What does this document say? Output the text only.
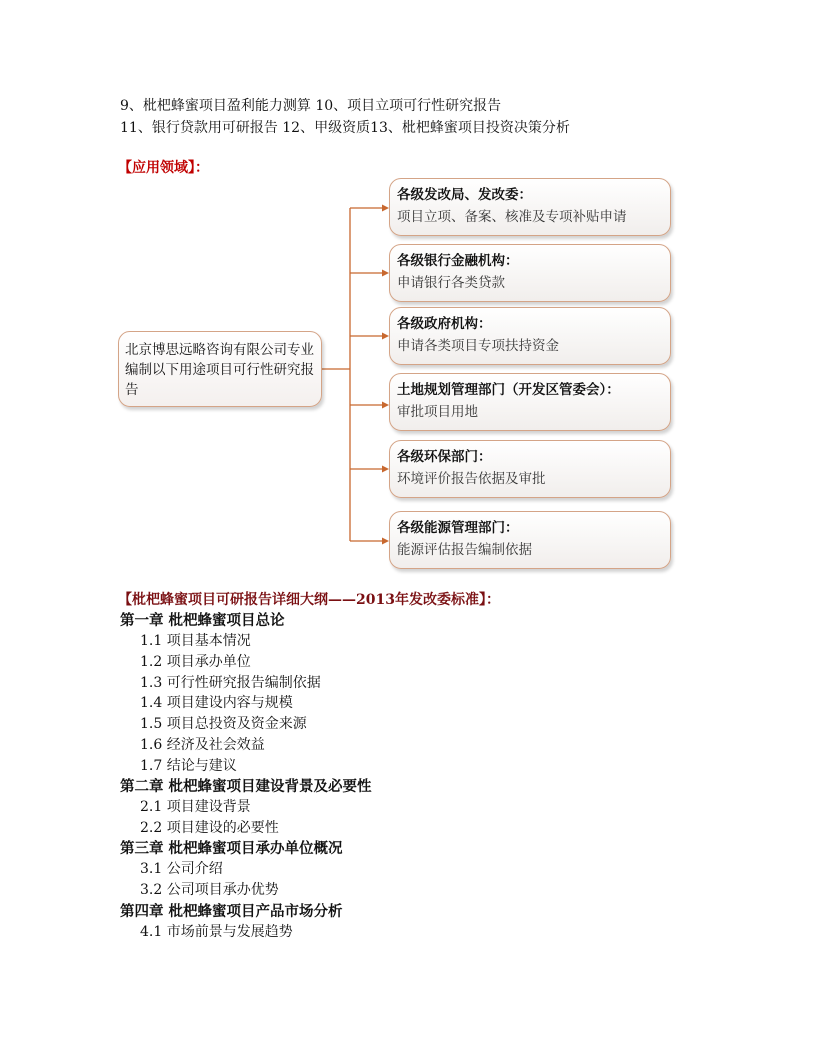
9、枇杷蜂蜜项目盈利能力测算 10、项目立项可行性研究报告
11、银行贷款用可研报告 12、甲级资质13、枇杷蜂蜜项目投资决策分析
【应用领域】：
北京博思远略咨询有限公司专业编制以下用途项目可行性研究报告
各级发改局、发改委：
项目立项、备案、核准及专项补贴申请
各级银行金融机构：
申请银行各类贷款
各级政府机构：
申请各类项目专项扶持资金
土地规划管理部门（开发区管委会）：
审批项目用地
各级环保部门：
环境评价报告依据及审批
各级能源管理部门：
能源评估报告编制依据
【枇杷蜂蜜项目可研报告详细大纲——2013年发改委标准】：
第一章 枇杷蜂蜜项目总论
1.1 项目基本情况
1.2 项目承办单位
1.3 可行性研究报告编制依据
1.4 项目建设内容与规模
1.5 项目总投资及资金来源
1.6 经济及社会效益
1.7 结论与建议
第二章 枇杷蜂蜜项目建设背景及必要性
2.1 项目建设背景
2.2 项目建设的必要性
第三章 枇杷蜂蜜项目承办单位概况
3.1 公司介绍
3.2 公司项目承办优势
第四章 枇杷蜂蜜项目产品市场分析
4.1 市场前景与发展趋势
